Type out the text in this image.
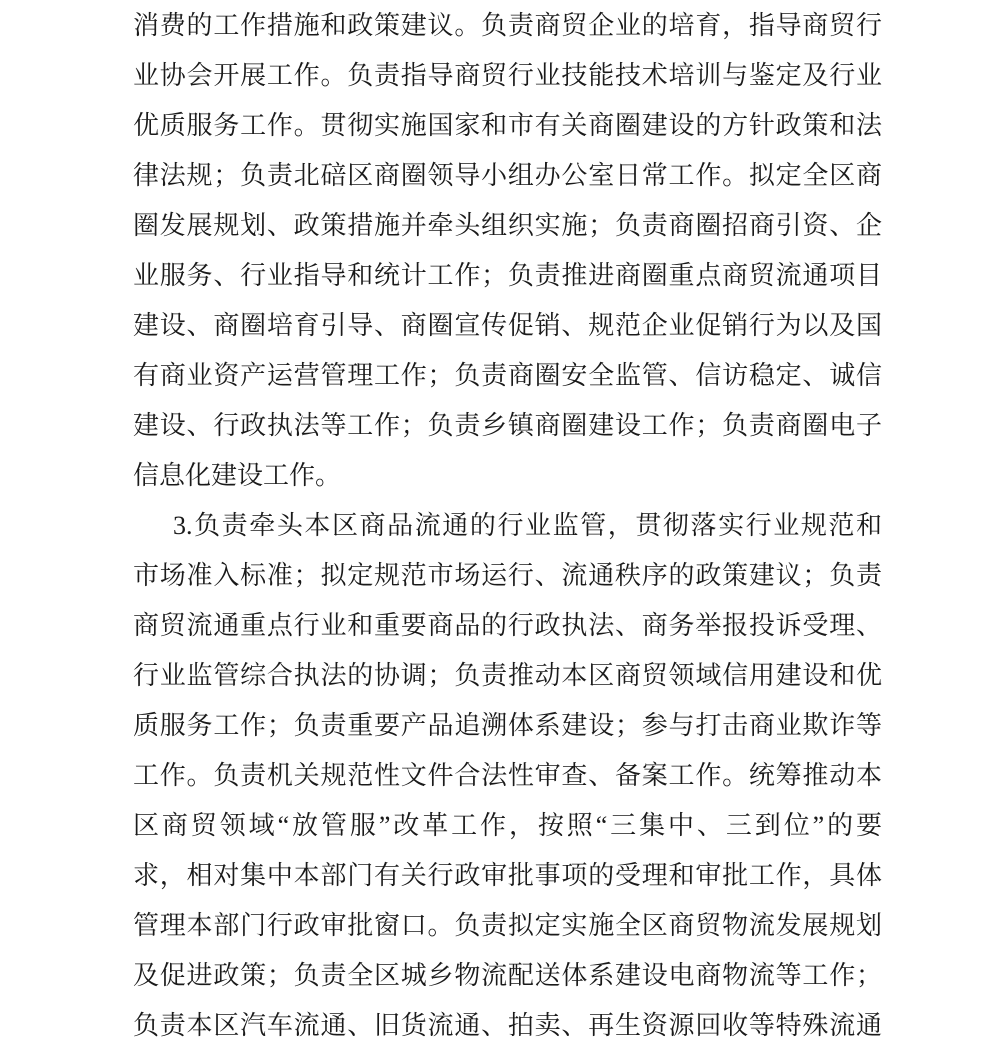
消费的工作措施和政策建议。负责商贸企业的培育，指导商贸行

业协会开展工作。负责指导商贸行业技能技术培训与鉴定及行业

优质服务工作。贯彻实施国家和市有关商圈建设的方针政策和法

律法规；负责北碚区商圈领导小组办公室日常工作。拟定全区商

圈发展规划、政策措施并牵头组织实施；负责商圈招商引资、企

业服务、行业指导和统计工作；负责推进商圈重点商贸流通项目

建设、商圈培育引导、商圈宣传促销、规范企业促销行为以及国

有商业资产运营管理工作；负责商圈安全监管、信访稳定、诚信

建设、行政执法等工作；负责乡镇商圈建设工作；负责商圈电子

信息化建设工作。

3.负责牵头本区商品流通的行业监管，贯彻落实行业规范和

市场准入标准；拟定规范市场运行、流通秩序的政策建议；负责

商贸流通重点行业和重要商品的行政执法、商务举报投诉受理、

行业监管综合执法的协调；负责推动本区商贸领域信用建设和优

质服务工作；负责重要产品追溯体系建设；参与打击商业欺诈等

工作。负责机关规范性文件合法性审查、备案工作。统筹推动本

区商贸领域“放管服”改革工作，按照“三集中、三到位”的要

求，相对集中本部门有关行政审批事项的受理和审批工作，具体

管理本部门行政审批窗口。负责拟定实施全区商贸物流发展规划

及促进政策；负责全区城乡物流配送体系建设电商物流等工作；

负责本区汽车流通、旧货流通、拍卖、再生资源回收等特殊流通
